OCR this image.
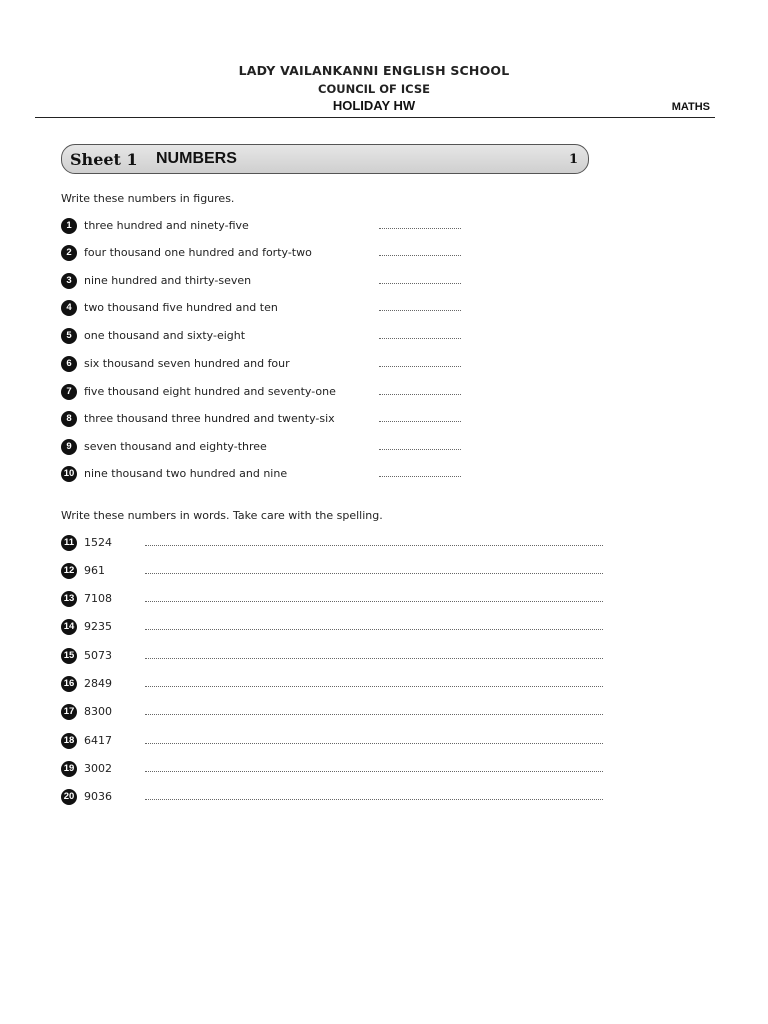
LADY VAILANKANNI ENGLISH SCHOOL
COUNCIL OF ICSE
HOLIDAY HW	MATHS
Sheet 1 NUMBERS	1
Write these numbers in figures.
1	three hundred and ninety-five
2	four thousand one hundred and forty-two
3	nine hundred and thirty-seven
4	two thousand five hundred and ten
5	one thousand and sixty-eight
6	six thousand seven hundred and four
7	five thousand eight hundred and seventy-one
8	three thousand three hundred and twenty-six
9	seven thousand and eighty-three
10 nine thousand two hundred and nine
Write these numbers in words. Take care with the spelling.
11 1524
12 961
13 7108
14 9235
15 5073
16 2849
17 8300
18 6417
19 3002
20 9036
